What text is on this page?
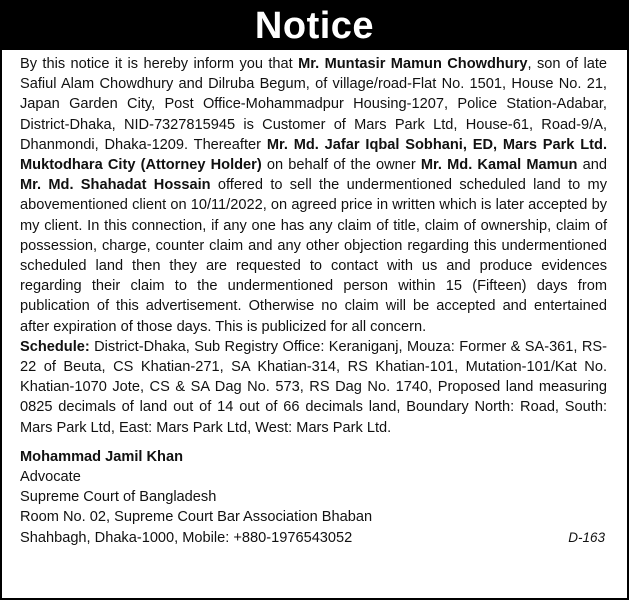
Notice

By this notice it is hereby inform you that Mr. Muntasir Mamun Chowdhury, son of late Safiul Alam Chowdhury and Dilruba Begum, of village/road-Flat No. 1501, House No. 21, Japan Garden City, Post Office-Mohammadpur Housing-1207, Police Station-Adabar, District-Dhaka, NID-7327815945 is Customer of Mars Park Ltd, House-61, Road-9/A, Dhanmondi, Dhaka-1209. Thereafter Mr. Md. Jafar Iqbal Sobhani, ED, Mars Park Ltd. Muktodhara City (Attorney Holder) on behalf of the owner Mr. Md. Kamal Mamun and Mr. Md. Shahadat Hossain offered to sell the undermentioned scheduled land to my abovementioned client on 10/11/2022, on agreed price in written which is later accepted by my client. In this connection, if any one has any claim of title, claim of ownership, claim of possession, charge, counter claim and any other objection regarding this undermentioned scheduled land then they are requested to contact with us and produce evidences regarding their claim to the undermentioned person within 15 (Fifteen) days from publication of this advertisement. Otherwise no claim will be accepted and entertained after expiration of those days. This is publicized for all concern.

Schedule: District-Dhaka, Sub Registry Office: Keraniganj, Mouza: Former & SA-361, RS-22 of Beuta, CS Khatian-271, SA Khatian-314, RS Khatian-101, Mutation-101/Kat No. Khatian-1070 Jote, CS & SA Dag No. 573, RS Dag No. 1740, Proposed land measuring 0825 decimals of land out of 14 out of 66 decimals land, Boundary North: Road, South: Mars Park Ltd, East: Mars Park Ltd, West: Mars Park Ltd.

Mohammad Jamil Khan
Advocate
Supreme Court of Bangladesh
Room No. 02, Supreme Court Bar Association Bhaban
Shahbagh, Dhaka-1000, Mobile: +880-1976543052	D-163
